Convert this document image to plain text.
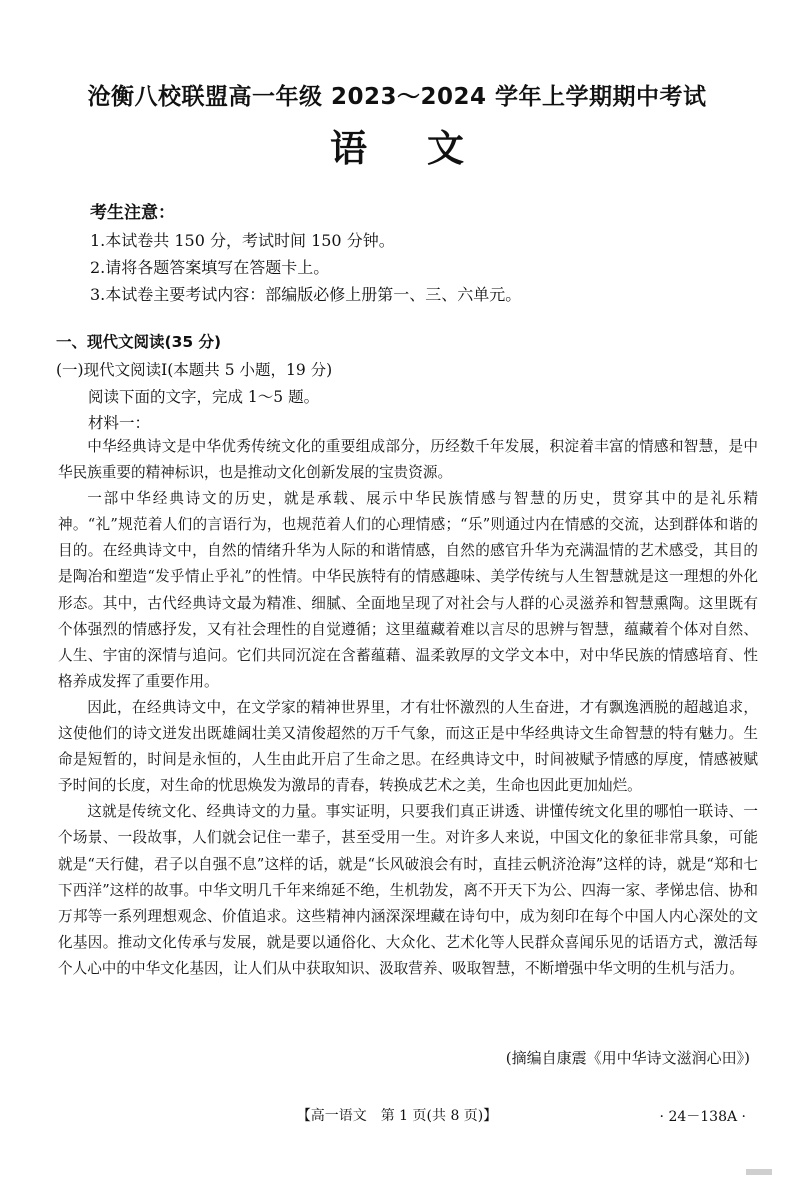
沧衡八校联盟高一年级 2023～2024 学年上学期期中考试
语文
考生注意：
1.本试卷共 150 分，考试时间 150 分钟。
2.请将各题答案填写在答题卡上。
3.本试卷主要考试内容：部编版必修上册第一、三、六单元。
一、现代文阅读(35 分)
(一)现代文阅读Ⅰ(本题共 5 小题，19 分)
阅读下面的文字，完成 1～5 题。
材料一：

中华经典诗文是中华优秀传统文化的重要组成部分，历经数千年发展，积淀着丰富的情感和智慧，是中华民族重要的精神标识，也是推动文化创新发展的宝贵资源。

一部中华经典诗文的历史，就是承载、展示中华民族情感与智慧的历史，贯穿其中的是礼乐精神。“礼”规范着人们的言语行为，也规范着人们的心理情感；“乐”则通过内在情感的交流，达到群体和谐的目的。在经典诗文中，自然的情绪升华为人际的和谐情感，自然的感官升华为充满温情的艺术感受，其目的是陶冶和塑造“发乎情止乎礼”的性情。中华民族特有的情感趣味、美学传统与人生智慧就是这一理想的外化形态。其中，古代经典诗文最为精准、细腻、全面地呈现了对社会与人群的心灵滋养和智慧熏陶。这里既有个体强烈的情感抒发，又有社会理性的自觉遵循；这里蕴藏着难以言尽的思辨与智慧，蕴藏着个体对自然、人生、宇宙的深情与追问。它们共同沉淀在含蓄蕴藉、温柔敦厚的文学文本中，对中华民族的情感培育、性格养成发挥了重要作用。

因此，在经典诗文中，在文学家的精神世界里，才有壮怀激烈的人生奋进，才有飘逸洒脱的超越追求，这使他们的诗文迸发出既雄阔壮美又清俊超然的万千气象，而这正是中华经典诗文生命智慧的特有魅力。生命是短暂的，时间是永恒的，人生由此开启了生命之思。在经典诗文中，时间被赋予情感的厚度，情感被赋予时间的长度，对生命的忧思焕发为激昂的青春，转换成艺术之美，生命也因此更加灿烂。

这就是传统文化、经典诗文的力量。事实证明，只要我们真正讲透、讲懂传统文化里的哪怕一联诗、一个场景、一段故事，人们就会记住一辈子，甚至受用一生。对许多人来说，中国文化的象征非常具象，可能就是“天行健，君子以自强不息”这样的话，就是“长风破浪会有时，直挂云帆济沧海”这样的诗，就是“郑和七下西洋”这样的故事。中华文明几千年来绵延不绝，生机勃发，离不开天下为公、四海一家、孝悌忠信、协和万邦等一系列理想观念、价值追求。这些精神内涵深深埋藏在诗句中，成为刻印在每个中国人内心深处的文化基因。推动文化传承与发展，就是要以通俗化、大众化、艺术化等人民群众喜闻乐见的话语方式，激活每个人心中的中华文化基因，让人们从中获取知识、汲取营养、吸取智慧，不断增强中华文明的生机与活力。

(摘编自康震《用中华诗文滋润心田》)
【高一语文　第 1 页(共 8 页)】	· 24－138A ·
